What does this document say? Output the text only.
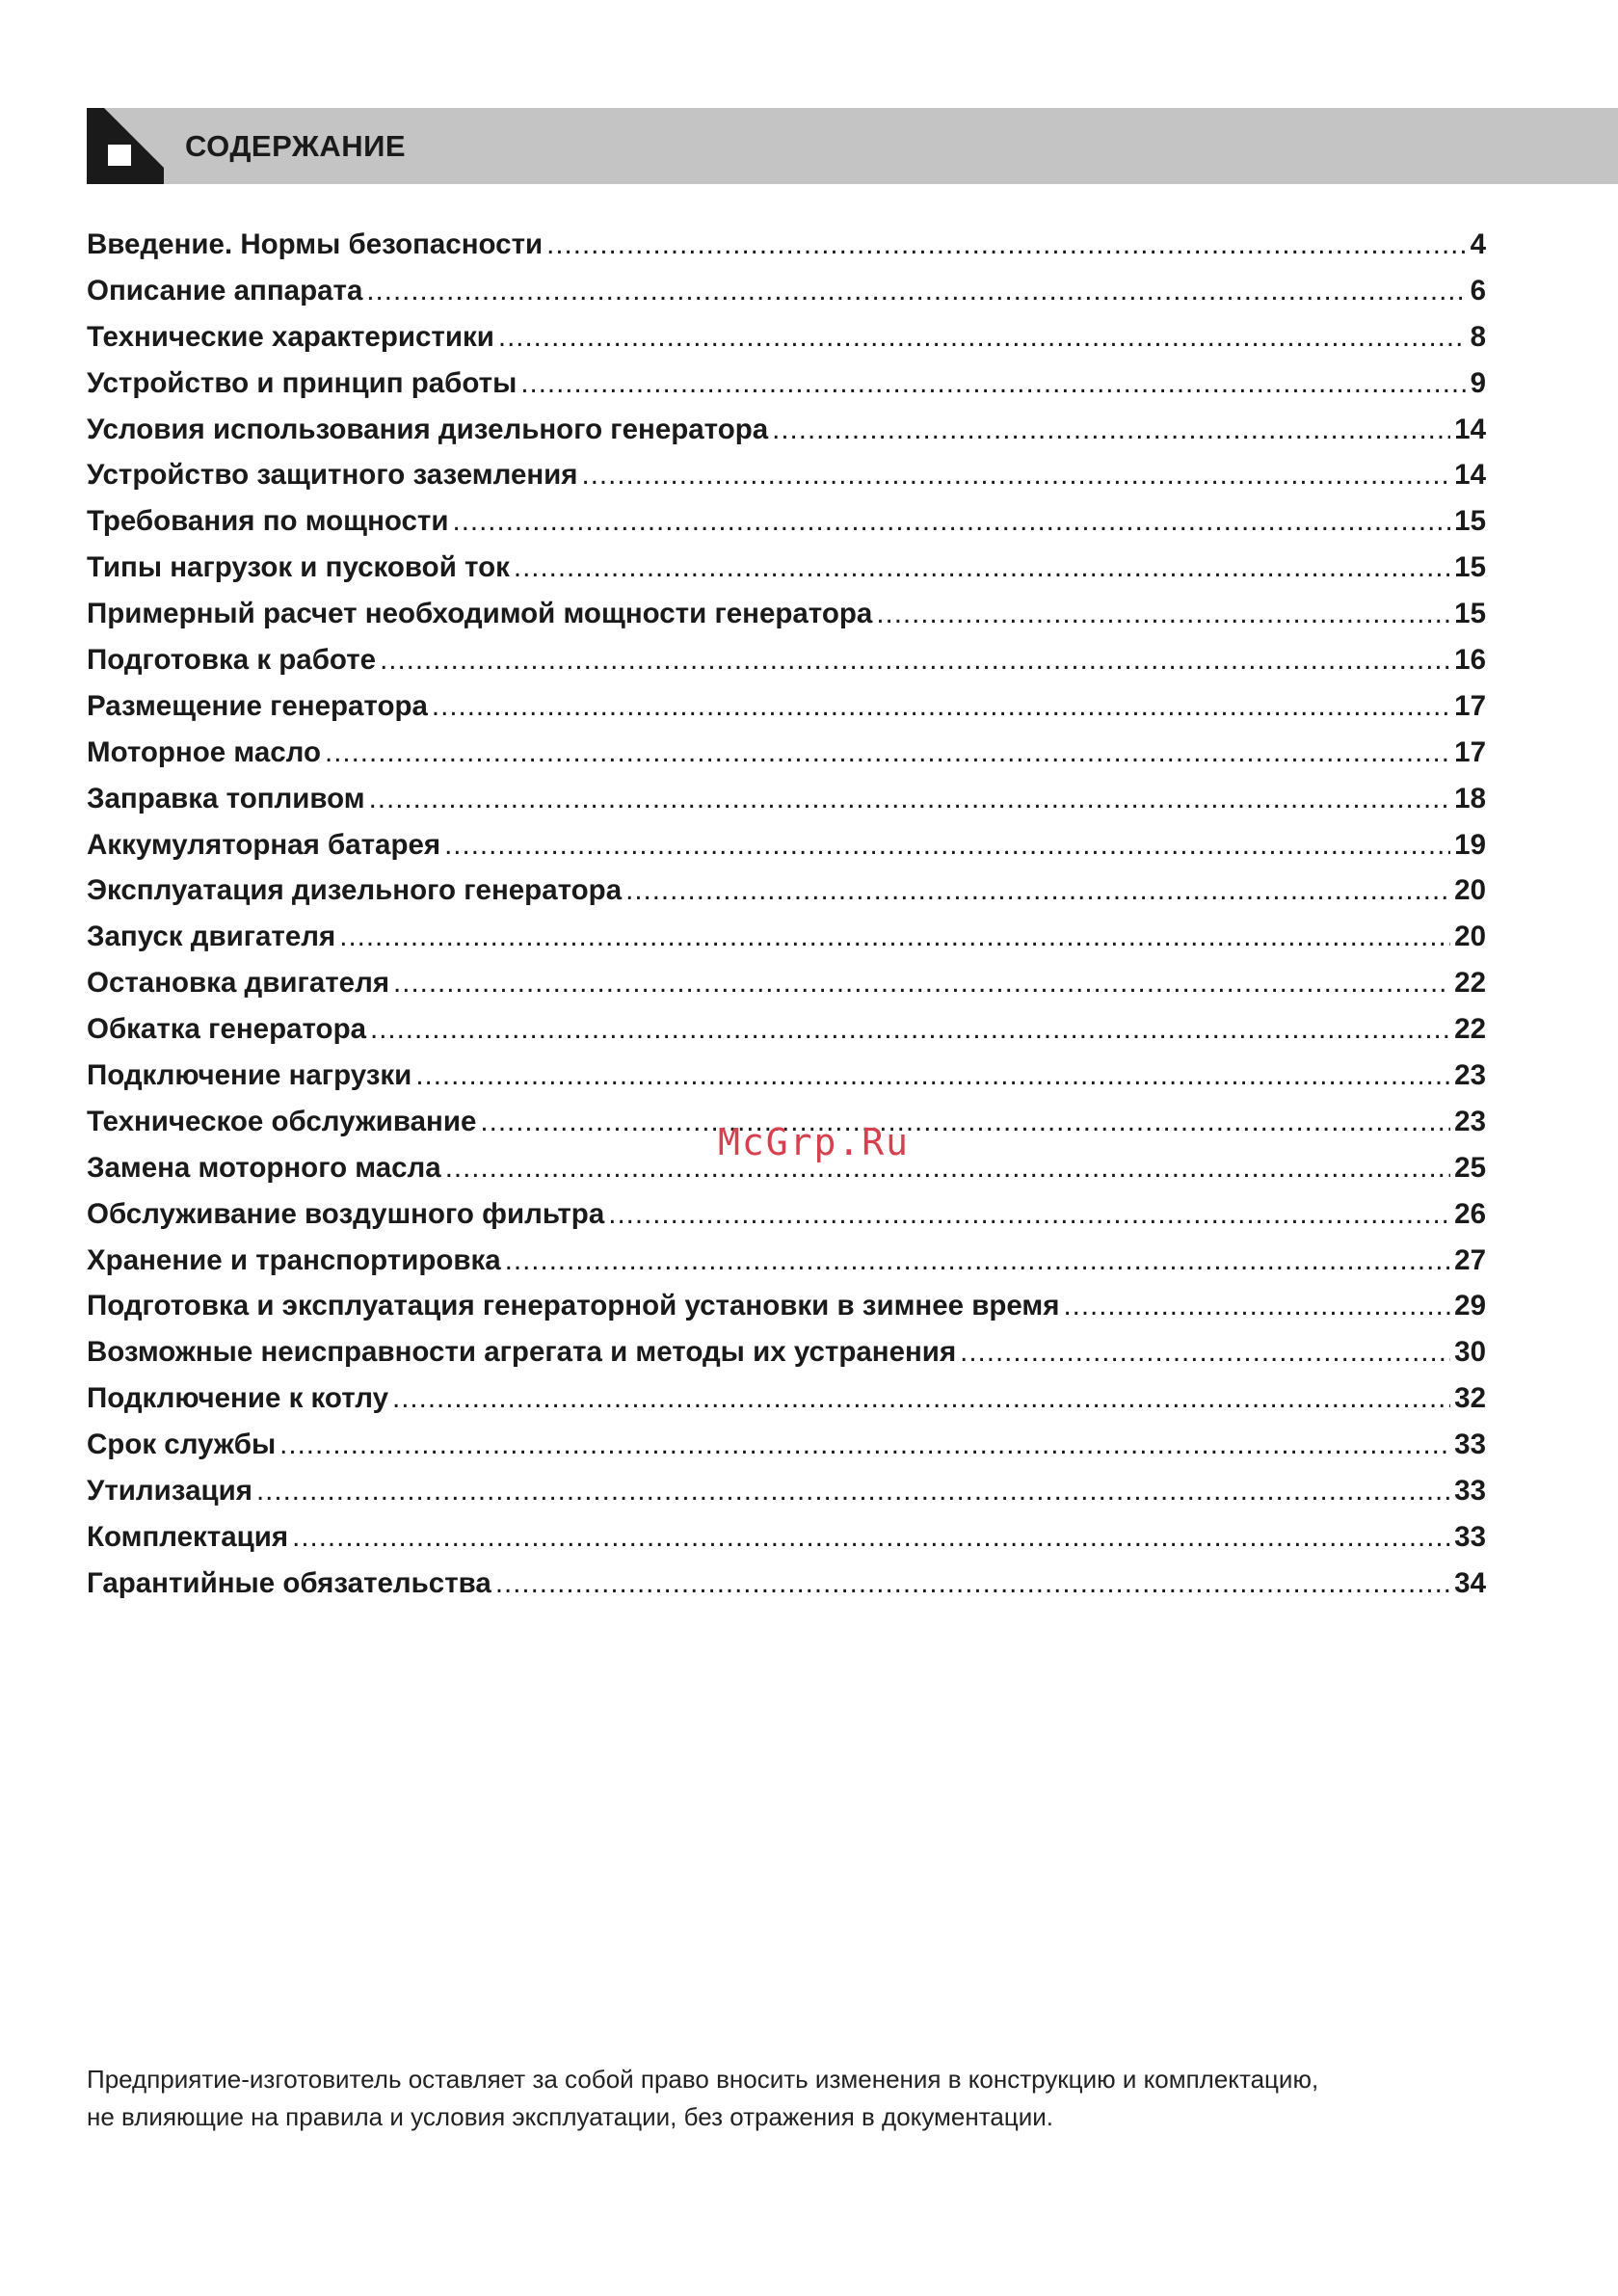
СОДЕРЖАНИЕ
Введение. Нормы безопасности .....	4
Описание аппарата .....	6
Технические характеристики .....	8
Устройство и принцип работы .....	9
Условия использования дизельного генератора .....	14
Устройство защитного заземления .....	14
Требования по мощности .....	15
Типы нагрузок и пусковой ток .....	15
Примерный расчет необходимой мощности генератора .....	15
Подготовка к работе .....	16
Размещение генератора .....	17
Моторное масло .....	17
Заправка топливом .....	18
Аккумуляторная батарея .....	19
Эксплуатация дизельного генератора .....	20
Запуск двигателя .....	20
Остановка двигателя .....	22
Обкатка генератора .....	22
Подключение нагрузки .....	23
Техническое обслуживание .....	23
Замена моторного масла .....	25
Обслуживание воздушного фильтра .....	26
Хранение и транспортировка .....	27
Подготовка и эксплуатация генераторной установки в зимнее время .....	29
Возможные неисправности агрегата и методы их устранения .....	30
Подключение к котлу .....	32
Срок службы .....	33
Утилизация .....	33
Комплектация .....	33
Гарантийные обязательства .....	34
McGrp.Ru

Предприятие-изготовитель оставляет за собой право вносить изменения в конструкцию и комплектацию,

не влияющие на правила и условия эксплуатации, без отражения в документации.
